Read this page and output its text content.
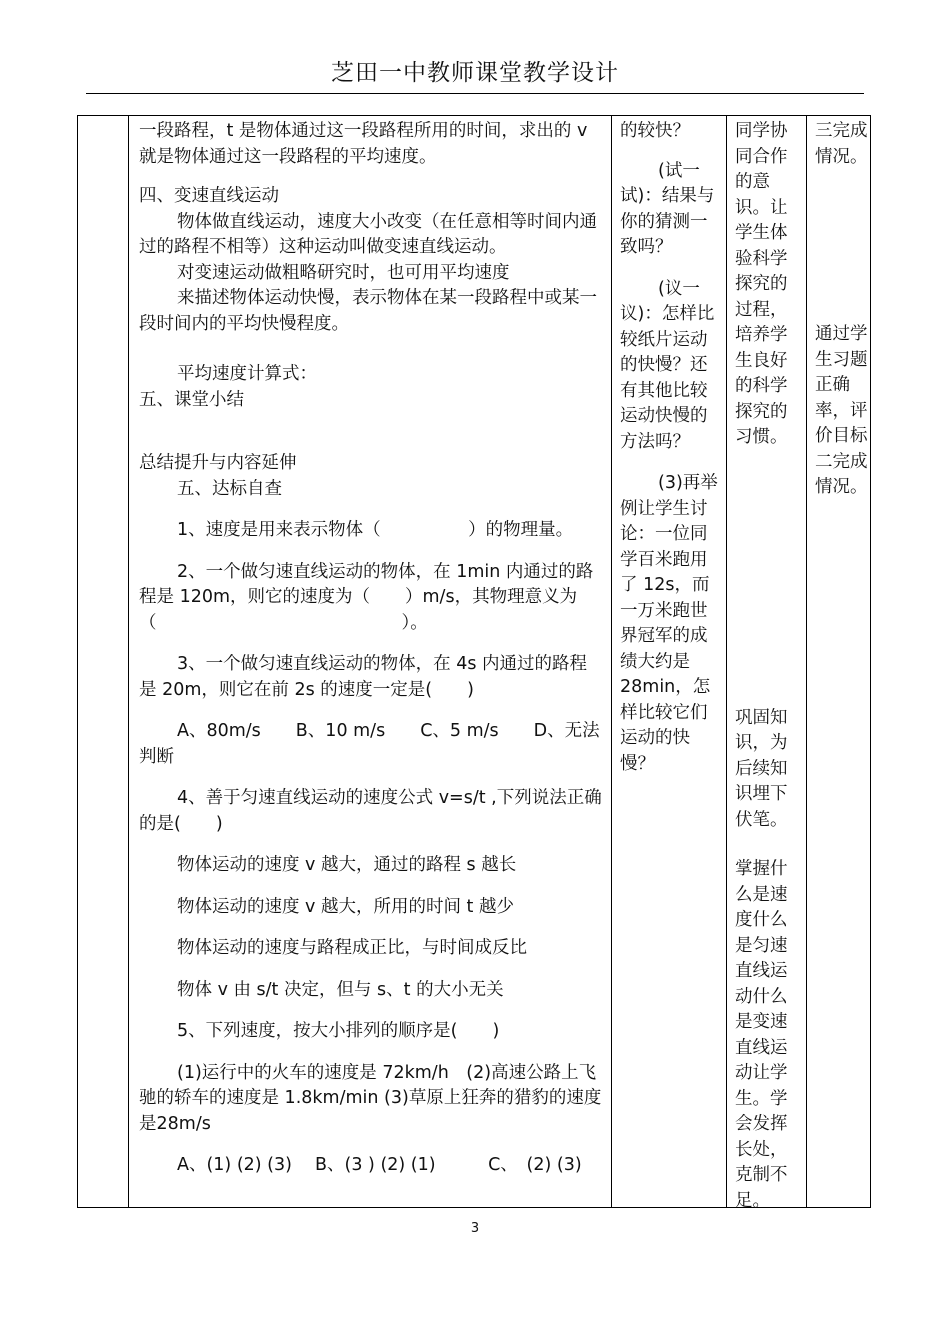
芝田一中教师课堂教学设计

一段路程，t 是物体通过这一段路程所用的时间，求出的 v 就是物体通过这一段路程的平均速度。

四、变速直线运动

物体做直线运动，速度大小改变（在任意相等时间内通过的路程不相等）这种运动叫做变速直线运动。

对变速运动做粗略研究时，也可用平均速度

来描述物体运动快慢，表示物体在某一段路程中或某一段时间内的平均快慢程度。

平均速度计算式：

五、课堂小结

总结提升与内容延伸

五、达标自查

1、速度是用来表示物体（　　　　　）的物理量。

2、一个做匀速直线运动的物体，在 1min 内通过的路程是 120m，则它的速度为（　　）m/s，其物理意义为（　　　　　　　　　　　　　　）。

3、一个做匀速直线运动的物体，在 4s 内通过的路程是 20m，则它在前 2s 的速度一定是(　　)

A、80m/s　　B、10 m/s　　C、5 m/s　　D、无法判断

4、善于匀速直线运动的速度公式 v=s/t ,下列说法正确的是(　　)

物体运动的速度 v 越大，通过的路程 s 越长

物体运动的速度 v 越大，所用的时间 t 越少

物体运动的速度与路程成正比，与时间成反比

物体 v 由 s/t 决定，但与 s、t 的大小无关

5、下列速度，按大小排列的顺序是(　　)

(1)运行中的火车的速度是 72km/h　(2)高速公路上飞驰的轿车的速度是 1.8km/min (3)草原上狂奔的猎豹的速度是28m/s

A、(1) (2) (3)　 B、(3 ) (2) (1)　　　C、　(2) (3)

的较快？

(试一试)：结果与你的猜测一致吗？

(议一议)：怎样比较纸片运动的快慢？还有其他比较运动快慢的方法吗？

(3)再举例让学生讨论：一位同学百米跑用了 12s，而一万米跑世界冠军的成绩大约是28min，怎样比较它们运动的快慢？

同学协同合作的意识。让学生体验科学探究的过程，培养学生良好的科学探究的习惯。

巩固知识，为后续知识埋下伏笔。

掌握什么是速度什么是匀速直线运动什么是变速直线运动让学生。学会发挥长处，克制不足。

三完成情况。

通过学生习题正确率，评价目标二完成情况。

3
